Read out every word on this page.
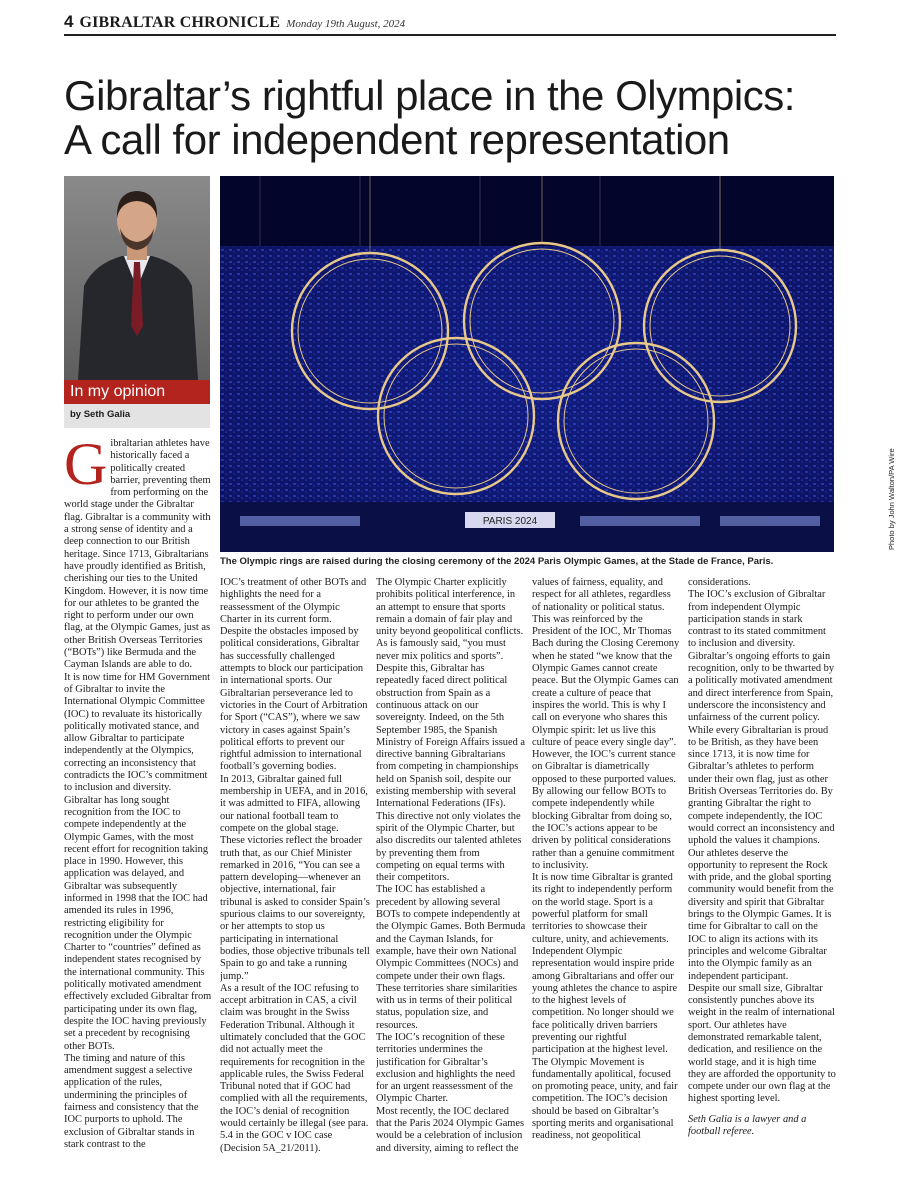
4 GIBRALTAR CHRONICLE Monday 19th August, 2024
Gibraltar’s rightful place in the Olympics:
A call for independent representation
In my opinion
by Seth Galia
PARIS 2024	Photo by John Walton/PA Wire
The Olympic rings are raised during the closing ceremony of the 2024 Paris Olympic Games, at the Stade de France, Paris.

Gibraltarian athletes have historically faced a politically created barrier, preventing them from performing on the world stage under the Gibraltar flag. Gibraltar is a community with a strong sense of identity and a deep connection to our British heritage. Since 1713, Gibraltarians have proudly identified as British, cherishing our ties to the United Kingdom. However, it is now time for our athletes to be granted the right to perform under our own flag, at the Olympic Games, just as other British Overseas Territories (“BOTs”) like Bermuda and the Cayman Islands are able to do.

It is now time for HM Government of Gibraltar to invite the International Olympic Committee (IOC) to revaluate its historically politically motivated stance, and allow Gibraltar to participate independently at the Olympics, correcting an inconsistency that contradicts the IOC’s commitment to inclusion and diversity.

Gibraltar has long sought recognition from the IOC to compete independently at the Olympic Games, with the most recent effort for recognition taking place in 1990. However, this application was delayed, and Gibraltar was subsequently informed in 1998 that the IOC had amended its rules in 1996, restricting eligibility for recognition under the Olympic Charter to “countries” defined as independent states recognised by the international community. This politically motivated amendment effectively excluded Gibraltar from participating under its own flag, despite the IOC having previously set a precedent by recognising other BOTs.

The timing and nature of this amendment suggest a selective application of the rules, undermining the principles of fairness and consistency that the IOC purports to uphold. The exclusion of Gibraltar stands in stark contrast to the

IOC’s treatment of other BOTs and highlights the need for a reassessment of the Olympic Charter in its current form.

Despite the obstacles imposed by political considerations, Gibraltar has successfully challenged attempts to block our participation in international sports. Our Gibraltarian perseverance led to victories in the Court of Arbitration for Sport (“CAS”), where we saw victory in cases against Spain’s political efforts to prevent our rightful admission to international football’s governing bodies.

In 2013, Gibraltar gained full membership in UEFA, and in 2016, it was admitted to FIFA, allowing our national football team to compete on the global stage.

These victories reflect the broader truth that, as our Chief Minister remarked in 2016, “You can see a pattern developing—whenever an objective, international, fair tribunal is asked to consider Spain’s spurious claims to our sovereignty, or her attempts to stop us participating in international bodies, those objective tribunals tell Spain to go and take a running jump.”

As a result of the IOC refusing to accept arbitration in CAS, a civil claim was brought in the Swiss Federation Tribunal. Although it ultimately concluded that the GOC did not actually meet the requirements for recognition in the applicable rules, the Swiss Federal Tribunal noted that if GOC had complied with all the requirements, the IOC’s denial of recognition would certainly be illegal (see para. 5.4 in the GOC v IOC case (Decision 5A_21/2011).

The Olympic Charter explicitly prohibits political interference, in an attempt to ensure that sports remain a domain of fair play and unity beyond geopolitical conflicts. As is famously said, “you must never mix politics and sports”. Despite this, Gibraltar has repeatedly faced direct political obstruction from Spain as a continuous attack on our sovereignty. Indeed, on the 5th September 1985, the Spanish Ministry of Foreign Affairs issued a directive banning Gibraltarians from competing in championships held on Spanish soil, despite our existing membership with several International Federations (IFs). This directive not only violates the spirit of the Olympic Charter, but also discredits our talented athletes by preventing them from competing on equal terms with their competitors.

The IOC has established a precedent by allowing several BOTs to compete independently at the Olympic Games. Both Bermuda and the Cayman Islands, for example, have their own National Olympic Committees (NOCs) and compete under their own flags. These territories share similarities with us in terms of their political status, population size, and resources.

The IOC’s recognition of these territories undermines the justification for Gibraltar’s exclusion and highlights the need for an urgent reassessment of the Olympic Charter.

Most recently, the IOC declared that the Paris 2024 Olympic Games would be a celebration of inclusion and diversity, aiming to reflect the

values of fairness, equality, and respect for all athletes, regardless of nationality or political status. This was reinforced by the President of the IOC, Mr Thomas Bach during the Closing Ceremony when he stated “we know that the Olympic Games cannot create peace. But the Olympic Games can create a culture of peace that inspires the world. This is why I call on everyone who shares this Olympic spirit: let us live this culture of peace every single day”. However, the IOC’s current stance on Gibraltar is diametrically opposed to these purported values. By allowing our fellow BOTs to compete independently while blocking Gibraltar from doing so, the IOC’s actions appear to be driven by political considerations rather than a genuine commitment to inclusivity.

It is now time Gibraltar is granted its right to independently perform on the world stage. Sport is a powerful platform for small territories to showcase their culture, unity, and achievements. Independent Olympic representation would inspire pride among Gibraltarians and offer our young athletes the chance to aspire to the highest levels of competition. No longer should we face politically driven barriers preventing our rightful participation at the highest level.

The Olympic Movement is fundamentally apolitical, focused on promoting peace, unity, and fair competition. The IOC’s decision should be based on Gibraltar’s sporting merits and organisational readiness, not geopolitical

considerations.

The IOC’s exclusion of Gibraltar from independent Olympic participation stands in stark contrast to its stated commitment to inclusion and diversity. Gibraltar’s ongoing efforts to gain recognition, only to be thwarted by a politically motivated amendment and direct interference from Spain, underscore the inconsistency and unfairness of the current policy. While every Gibraltarian is proud to be British, as they have been since 1713, it is now time for Gibraltar’s athletes to perform under their own flag, just as other British Overseas Territories do. By granting Gibraltar the right to compete independently, the IOC would correct an inconsistency and uphold the values it champions. Our athletes deserve the opportunity to represent the Rock with pride, and the global sporting community would benefit from the diversity and spirit that Gibraltar brings to the Olympic Games. It is time for Gibraltar to call on the IOC to align its actions with its principles and welcome Gibraltar into the Olympic family as an independent participant.

Despite our small size, Gibraltar consistently punches above its weight in the realm of international sport. Our athletes have demonstrated remarkable talent, dedication, and resilience on the world stage, and it is high time they are afforded the opportunity to compete under our own flag at the highest sporting level.

Seth Galia is a lawyer and a football referee.
